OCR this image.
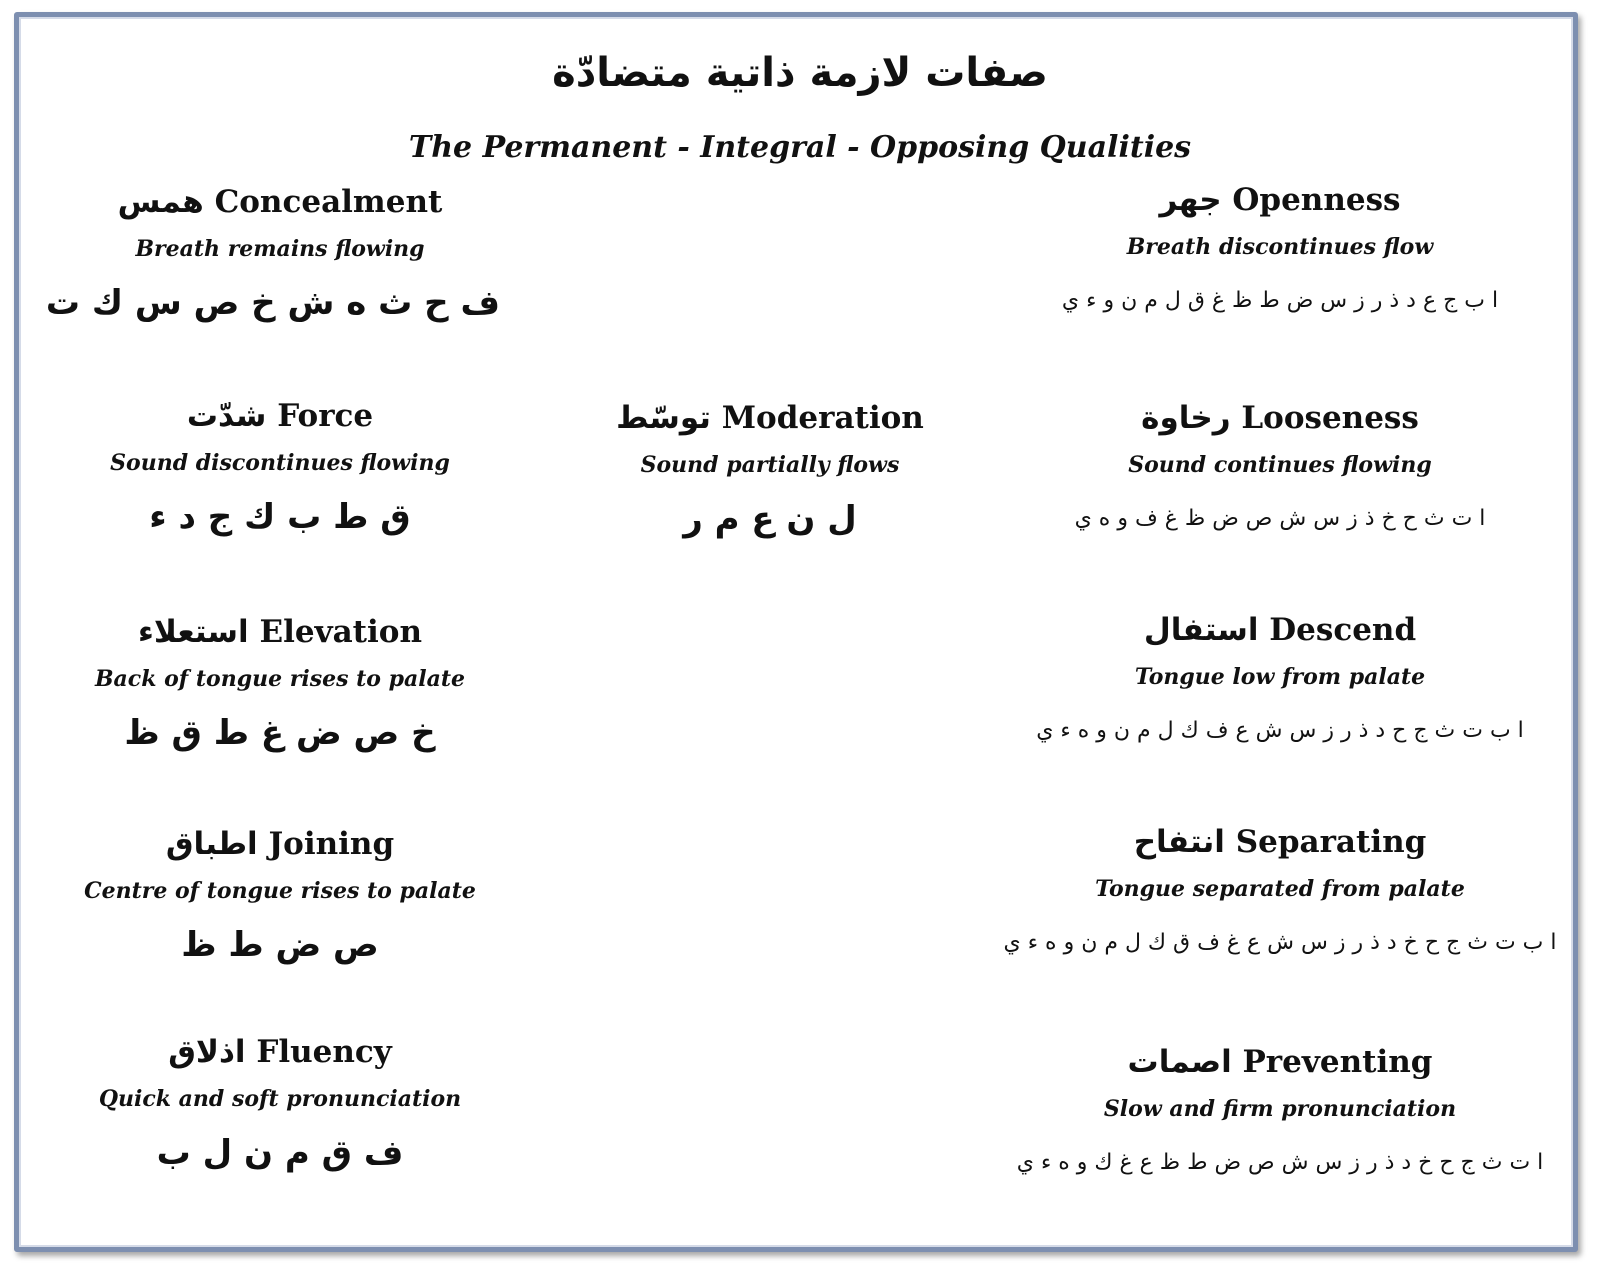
صفات لازمة ذاتية متضادّة
The Permanent - Integral - Opposing Qualities
جهر Openness
Breath discontinues flow
ا ب ج ع د ذ ر ز س ض ط ظ غ ق ل م ن و ء ي
همس Concealment
Breath remains flowing
ف ح ث ه ش خ ص س ك ت
رخاوة Looseness
Sound continues flowing
ا ت ث ح خ ذ ز س ش ص ض ظ غ ف و ه ي
توسّط Moderation
Sound partially flows
ل ن ع م ر
شدّت Force
Sound discontinues flowing
ق ط ب ك ج د ء
استفال Descend
Tongue low from palate
ا ب ت ث ج ح د ذ ر ز س ش ع ف ك ل م ن و ه ء ي
استعلاء Elevation
Back of tongue rises to palate
خ ص ض غ ط ق ظ
انتفاح Separating
Tongue separated from palate
ا ب ت ث ج ح خ د ذ ر ز س ش ع غ ف ق ك ل م ن و ه ء ي
اطباق Joining
Centre of tongue rises to palate
ص ض ط ظ
اصمات Preventing
Slow and firm pronunciation
ا ت ث ج ح خ د ذ ر ز س ش ص ض ط ظ ع غ ك و ه ء ي
اذلاق Fluency
Quick and soft pronunciation
ف ق م ن ل ب
